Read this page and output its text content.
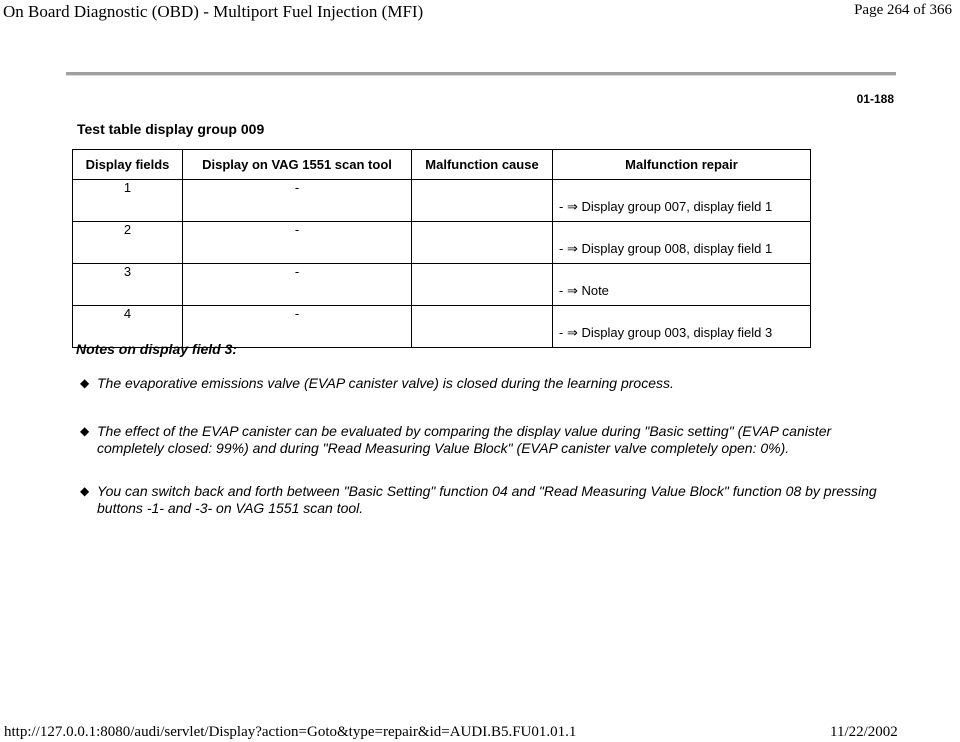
On Board Diagnostic (OBD) - Multiport Fuel Injection (MFI)	Page 264 of 366
01-188
Test table display group 009
Display fields	Display on VAG 1551 scan tool	Malfunction cause	Malfunction repair
1	-		- ⇒ Display group 007, display field 1
2	-		- ⇒ Display group 008, display field 1
3	-		- ⇒ Note
4	-		- ⇒ Display group 003, display field 3
Notes on display field 3:
◆ The evaporative emissions valve (EVAP canister valve) is closed during the learning process.
◆ The effect of the EVAP canister can be evaluated by comparing the display value during "Basic setting" (EVAP canister completely closed: 99%) and during "Read Measuring Value Block" (EVAP canister valve completely open: 0%).
◆ You can switch back and forth between "Basic Setting" function 04 and "Read Measuring Value Block" function 08 by pressing buttons -1- and -3- on VAG 1551 scan tool.
http://127.0.0.1:8080/audi/servlet/Display?action=Goto&type=repair&id=AUDI.B5.FU01.01.1	11/22/2002
